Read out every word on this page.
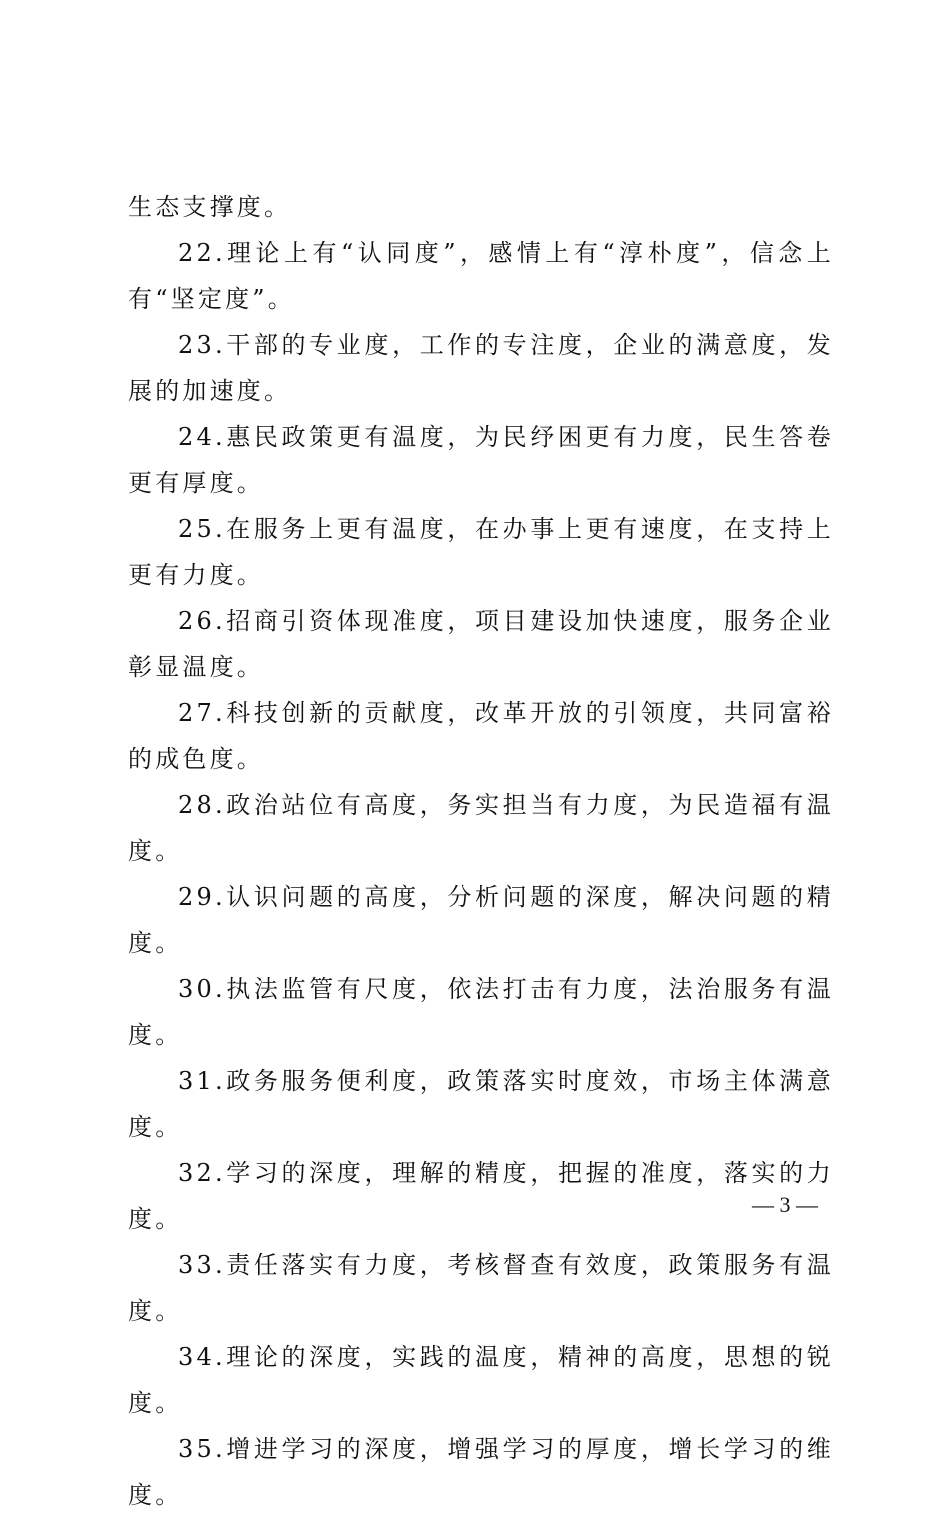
生态支撑度。

22.理论上有“认同度”，感情上有“淳朴度”，信念上有“坚定度”。

23.干部的专业度，工作的专注度，企业的满意度，发展的加速度。

24.惠民政策更有温度，为民纾困更有力度，民生答卷更有厚度。

25.在服务上更有温度，在办事上更有速度，在支持上更有力度。

26.招商引资体现准度，项目建设加快速度，服务企业彰显温度。

27.科技创新的贡献度，改革开放的引领度，共同富裕的成色度。

28.政治站位有高度，务实担当有力度，为民造福有温度。

29.认识问题的高度，分析问题的深度，解决问题的精度。

30.执法监管有尺度，依法打击有力度，法治服务有温度。

31.政务服务便利度，政策落实时度效，市场主体满意度。

32.学习的深度，理解的精度，把握的准度，落实的力度。

33.责任落实有力度，考核督查有效度，政策服务有温度。

34.理论的深度，实践的温度，精神的高度，思想的锐度。

35.增进学习的深度，增强学习的厚度，增长学习的维度。

— 3 —
